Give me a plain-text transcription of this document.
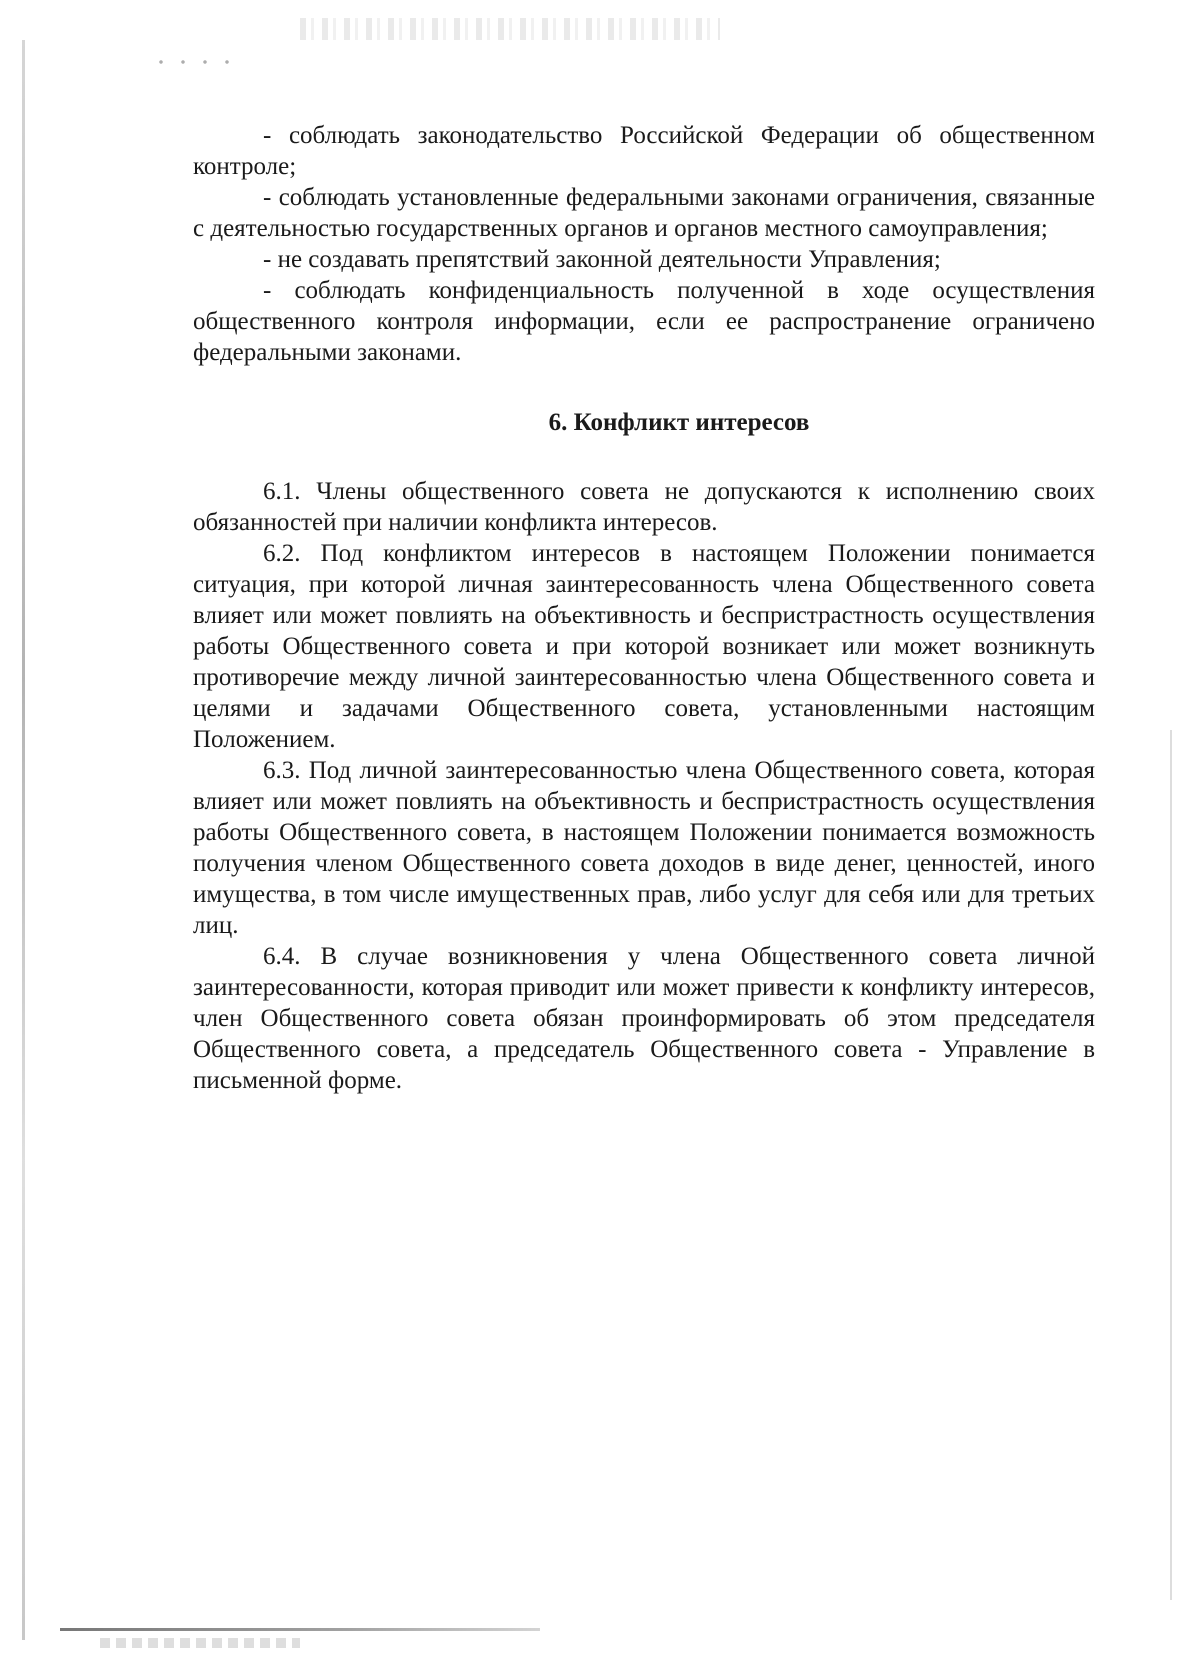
- соблюдать законодательство Российской Федерации об общественном контроле;

- соблюдать установленные федеральными законами ограничения, связанные с деятельностью государственных органов и органов местного самоуправления;

- не создавать препятствий законной деятельности Управления;

- соблюдать конфиденциальность полученной в ходе осуществления общественного контроля информации, если ее распространение ограничено федеральными законами.

6. Конфликт интересов

6.1. Члены общественного совета не допускаются к исполнению своих обязанностей при наличии конфликта интересов.

6.2. Под конфликтом интересов в настоящем Положении понимается ситуация, при которой личная заинтересованность члена Общественного совета влияет или может повлиять на объективность и беспристрастность осуществления работы Общественного совета и при которой возникает или может возникнуть противоречие между личной заинтересованностью члена Общественного совета и целями и задачами Общественного совета, установленными настоящим Положением.

6.3. Под личной заинтересованностью члена Общественного совета, которая влияет или может повлиять на объективность и беспристрастность осуществления работы Общественного совета, в настоящем Положении понимается возможность получения членом Общественного совета доходов в виде денег, ценностей, иного имущества, в том числе имущественных прав, либо услуг для себя или для третьих лиц.

6.4. В случае возникновения у члена Общественного совета личной заинтересованности, которая приводит или может привести к конфликту интересов, член Общественного совета обязан проинформировать об этом председателя Общественного совета, а председатель Общественного совета - Управление в письменной форме.
